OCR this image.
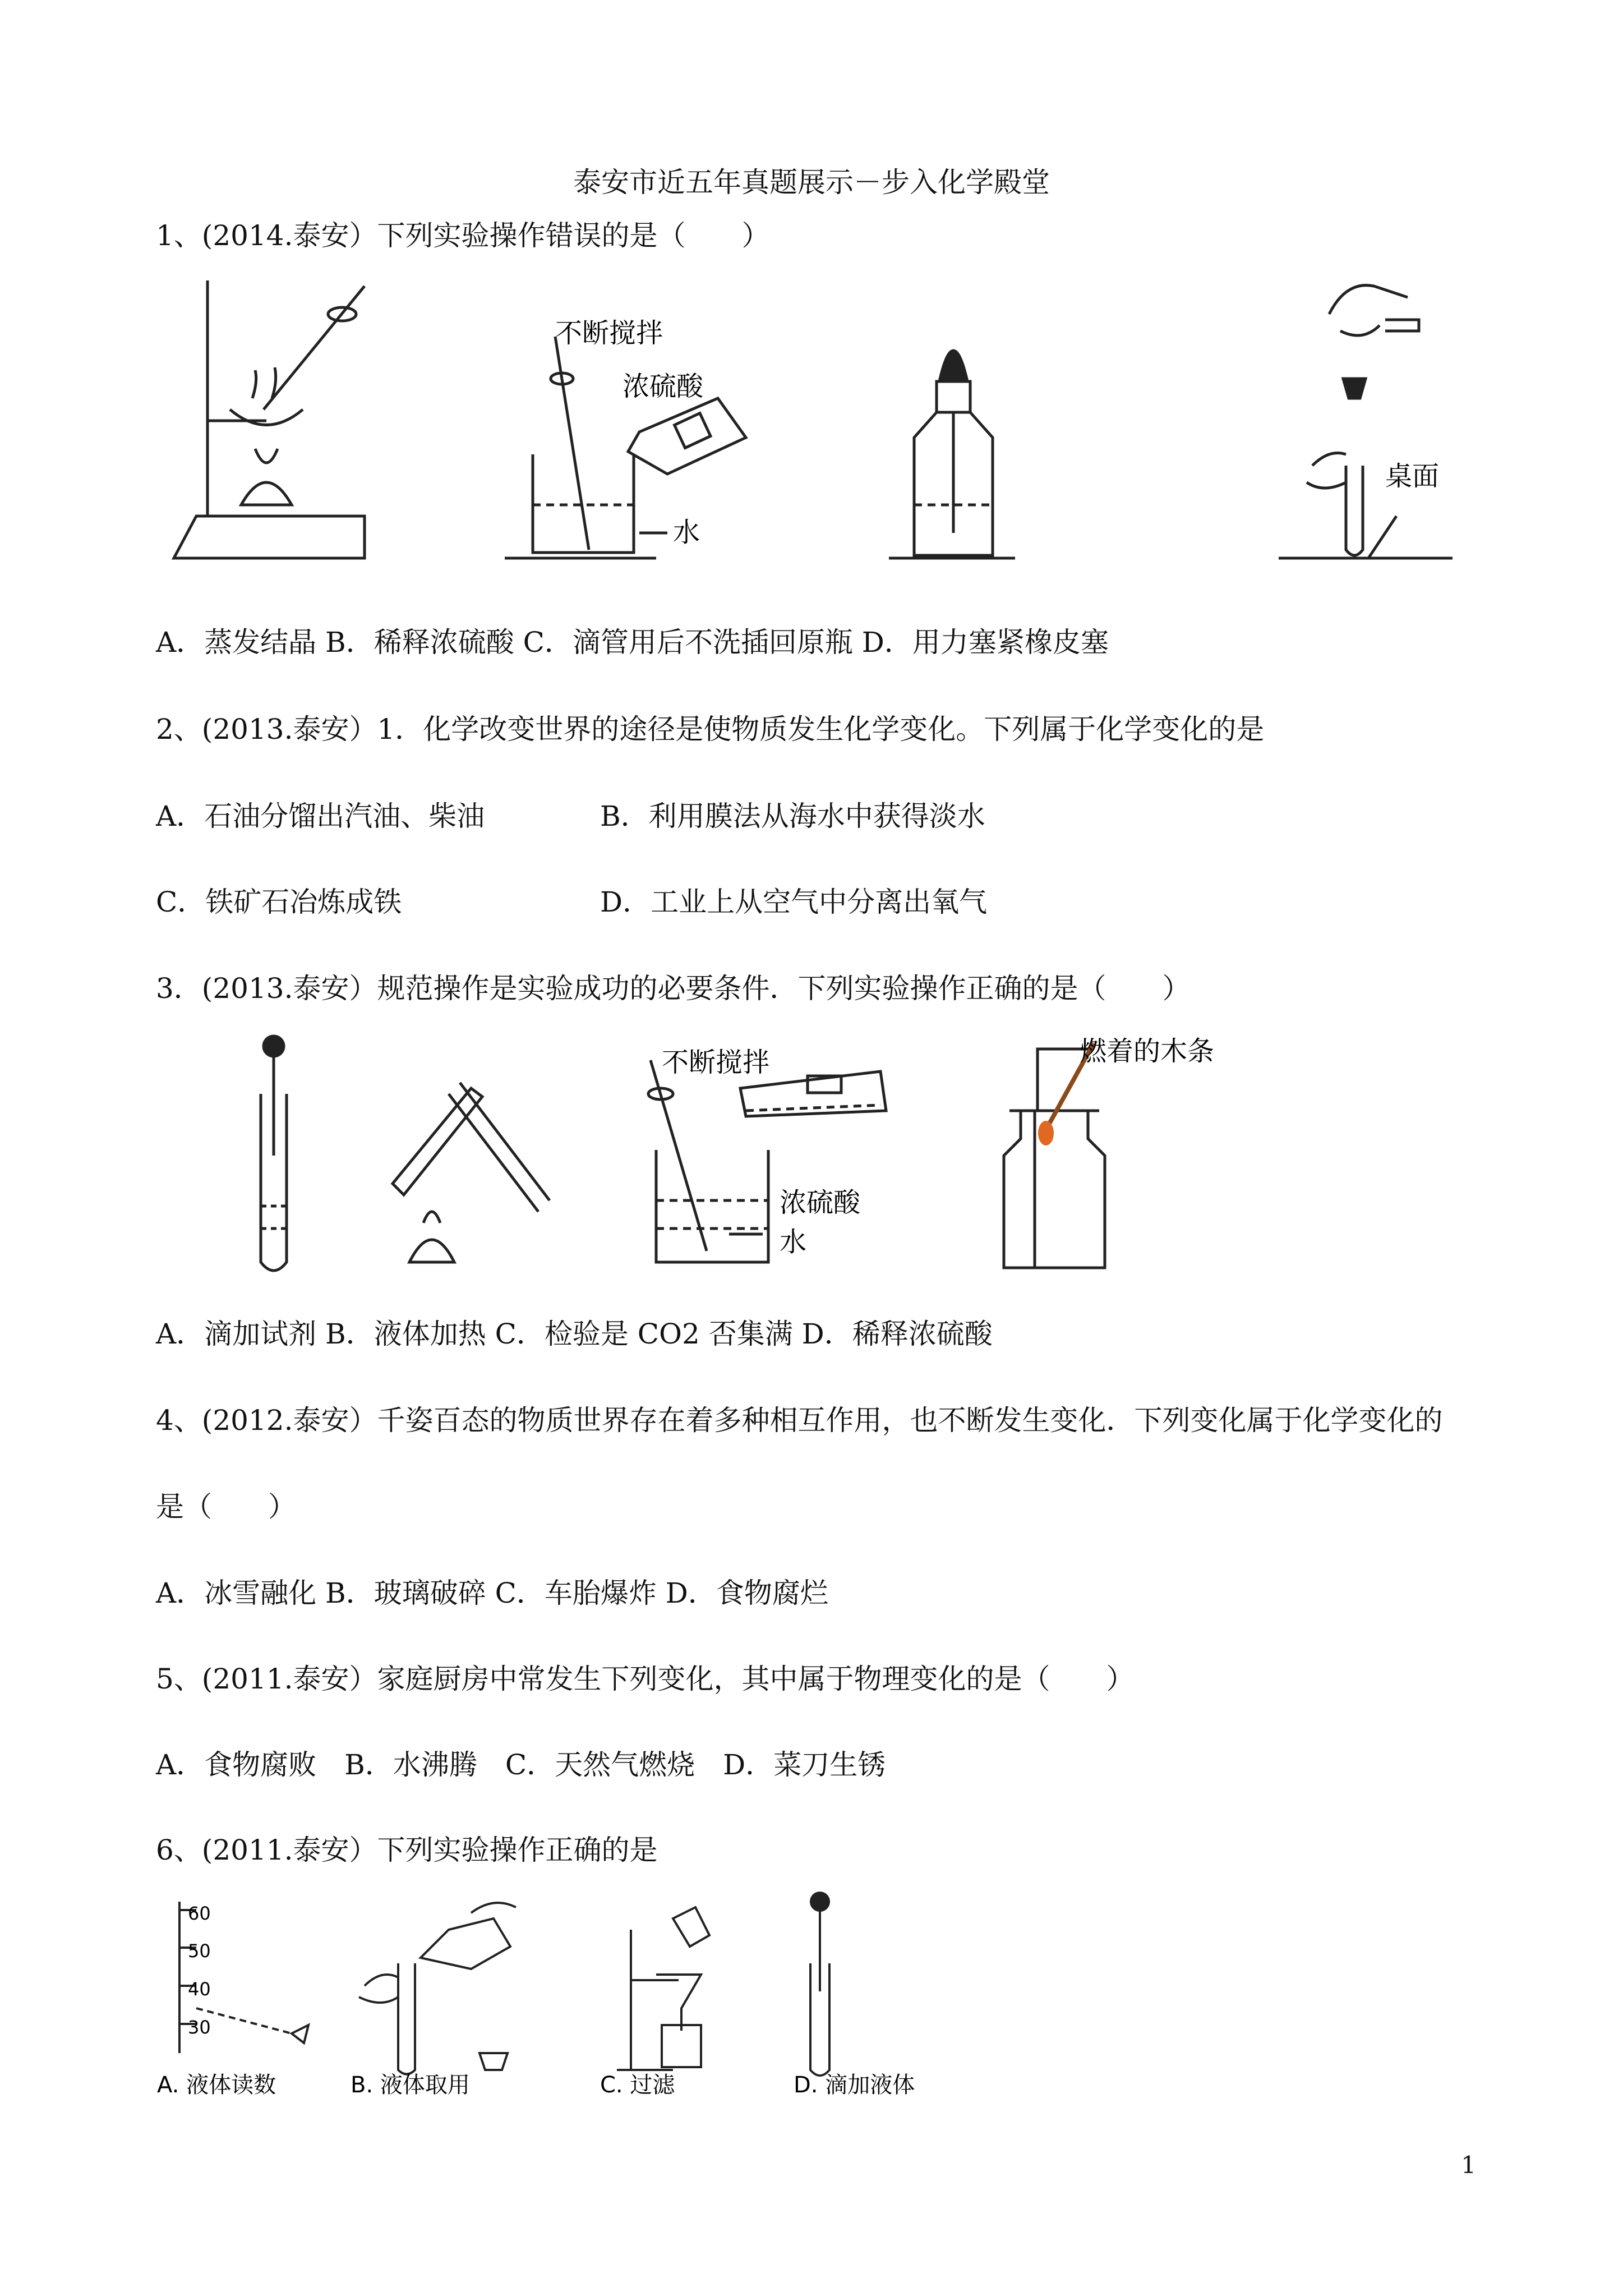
泰安市近五年真题展示－步入化学殿堂
1、(2014.泰安）下列实验操作错误的是（　　）
不断搅拌
浓硫酸
水
桌面
A．蒸发结晶 B．稀释浓硫酸 C．滴管用后不洗插回原瓶 D．用力塞紧橡皮塞
2、(2013.泰安）1．化学改变世界的途径是使物质发生化学变化。下列属于化学变化的是
A．石油分馏出汽油、柴油	B．利用膜法从海水中获得淡水
C．铁矿石冶炼成铁	D．工业上从空气中分离出氧气
3．(2013.泰安）规范操作是实验成功的必要条件．下列实验操作正确的是（　　）
不断搅拌
浓硫酸
水
燃着的木条
A．滴加试剂 B．液体加热 C．检验是 CO2 否集满 D．稀释浓硫酸
4、(2012.泰安）千姿百态的物质世界存在着多种相互作用，也不断发生变化．下列变化属于化学变化的
是（　　）
A．冰雪融化 B．玻璃破碎 C．车胎爆炸 D．食物腐烂
5、(2011.泰安）家庭厨房中常发生下列变化，其中属于物理变化的是（　　）
A．食物腐败　B．水沸腾　C．天然气燃烧　D．菜刀生锈
6、(2011.泰安）下列实验操作正确的是
60
50
40
30
A. 液体读数	B. 液体取用	C. 过滤	D. 滴加液体
1
